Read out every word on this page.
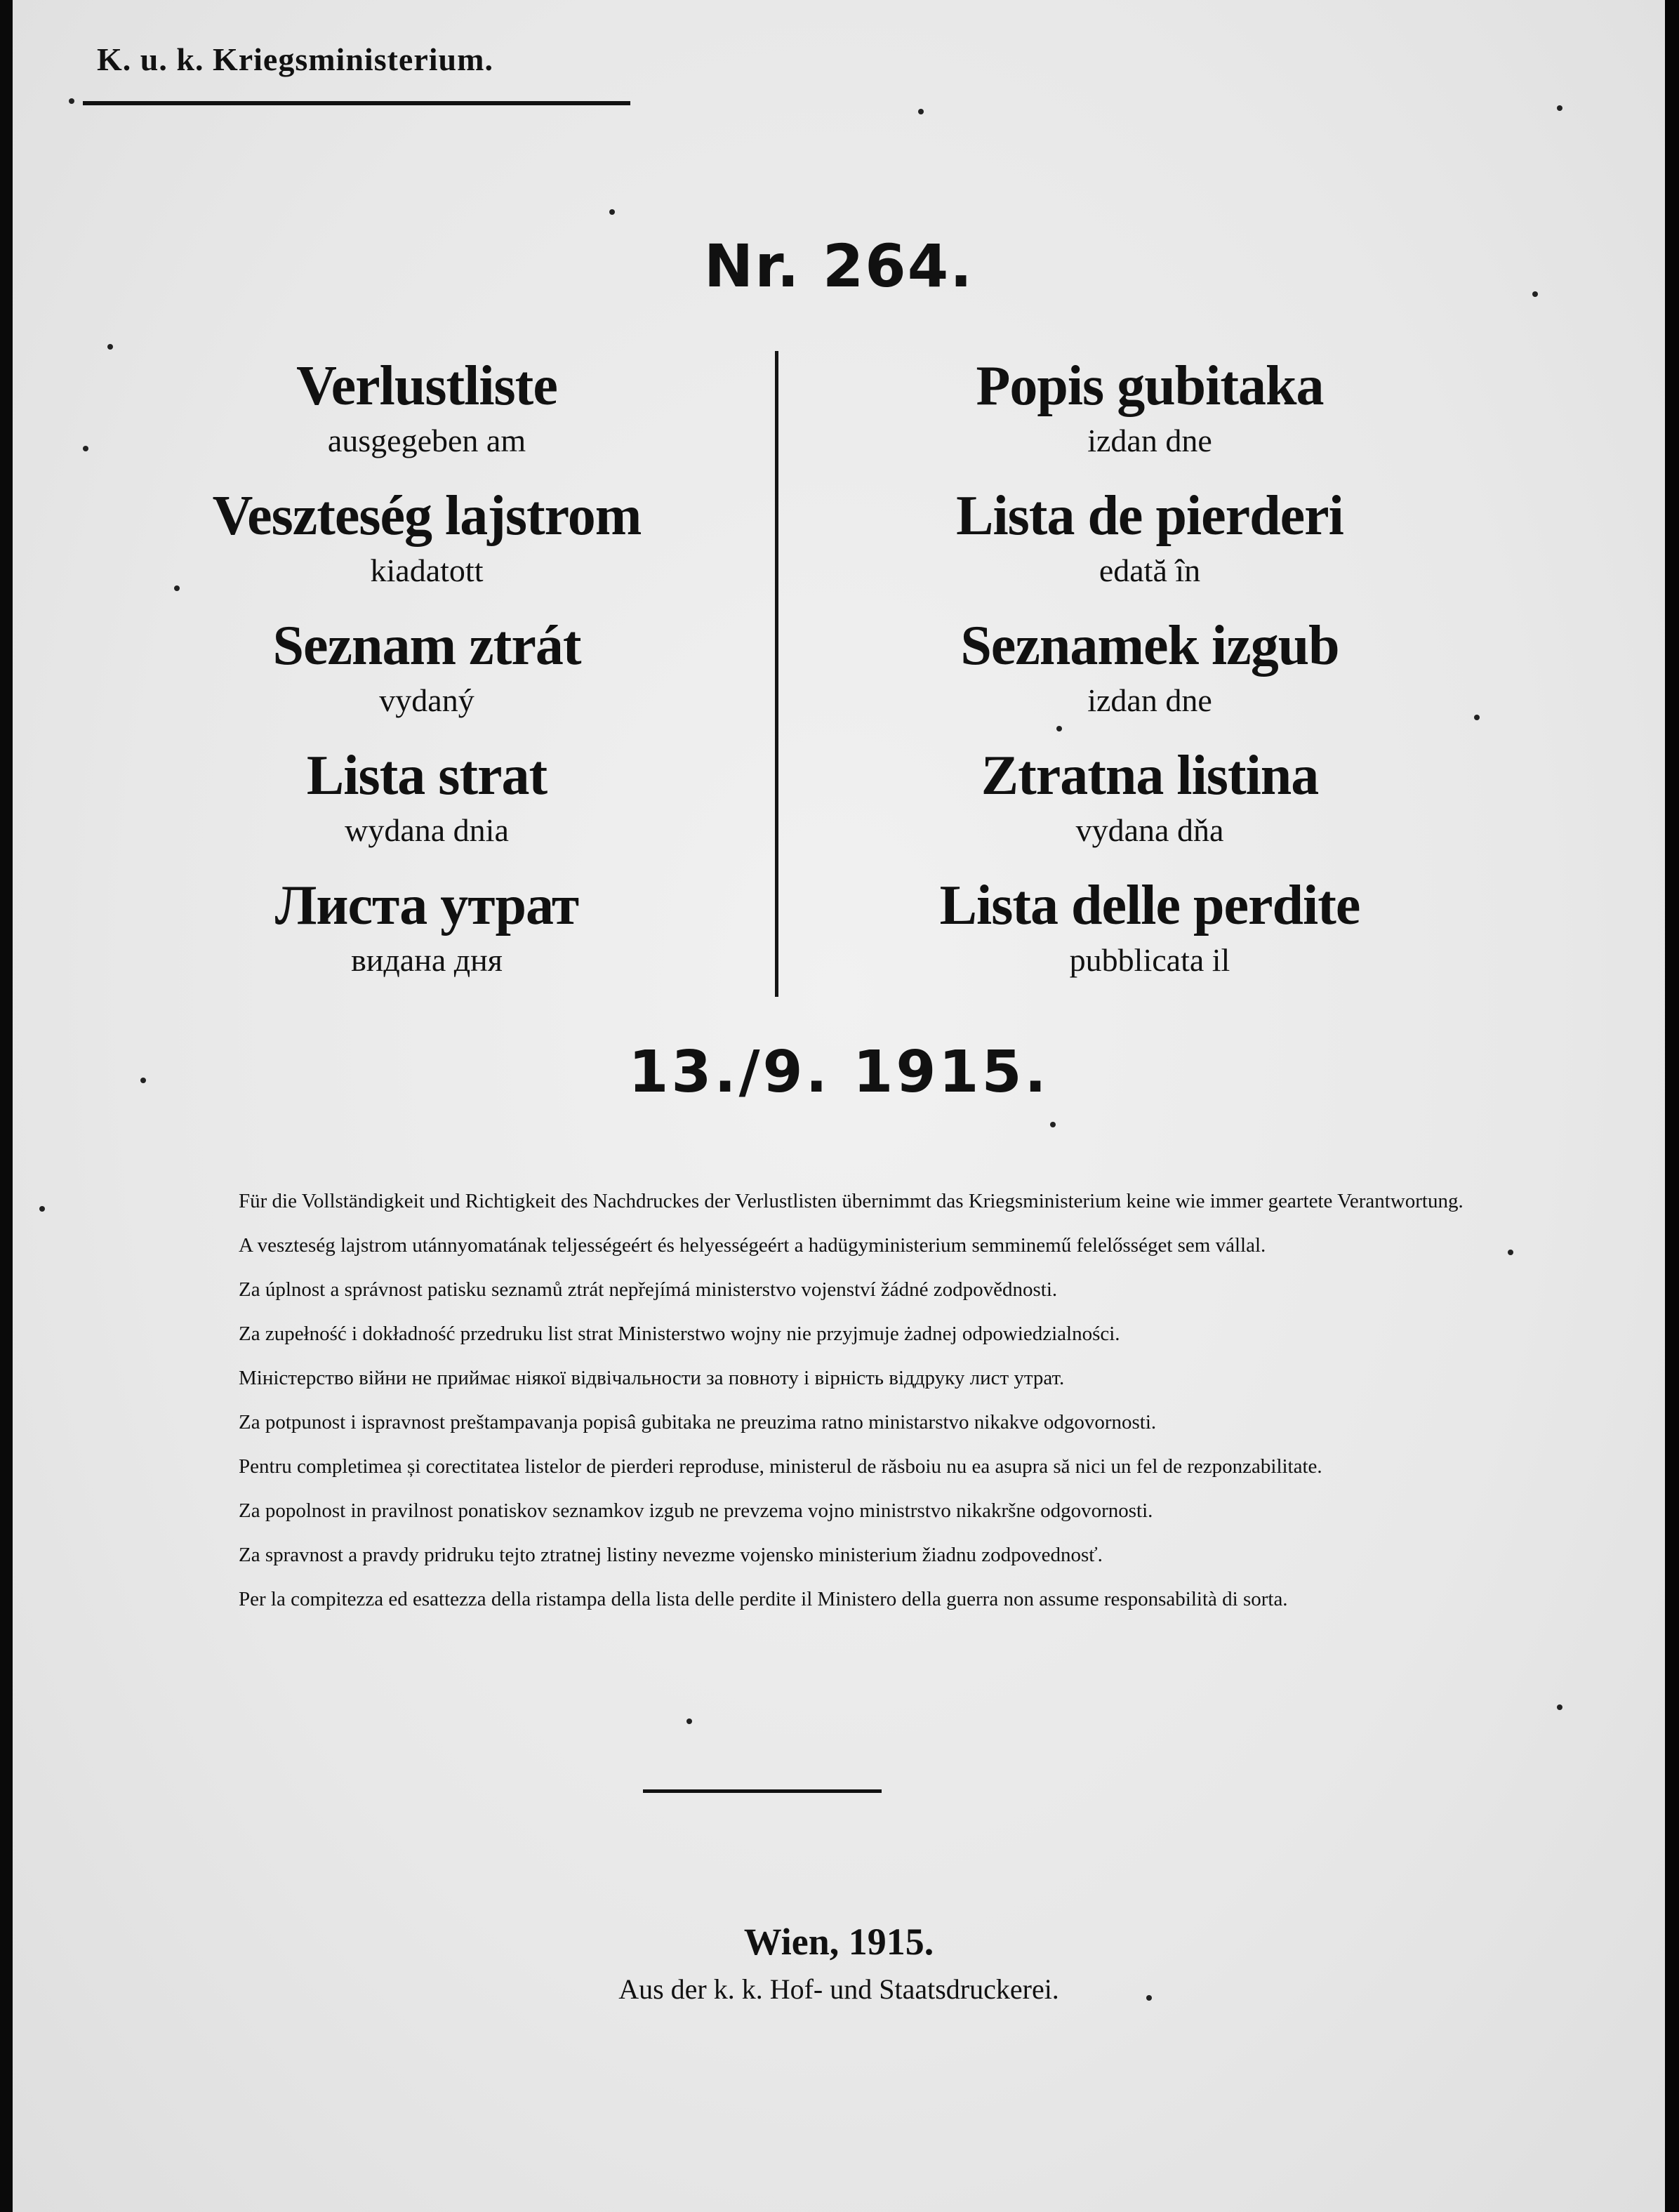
K. u. k. Kriegsministerium.
Nr. 264.
Verlustliste
ausgegeben am
Veszteség lajstrom
kiadatott
Seznam ztrát
vydaný
Lista strat
wydana dnia
Листа утрат
видана дня
Popis gubitaka
izdan dne
Lista de pierderi
edată în
Seznamek izgub
izdan dne
Ztratna listina
vydana dňa
Lista delle perdite
pubblicata il
13./9. 1915.

Für die Vollständigkeit und Richtigkeit des Nachdruckes der Verlustlisten übernimmt das Kriegsministerium keine wie immer geartete Verantwortung.

A veszteség lajstrom utánnyomatának teljességeért és helyességeért a hadügyministerium semminemű felelősséget sem vállal.

Za úplnost a správnost patisku seznamů ztrát nepřejímá ministerstvo vojenství žádné zodpovědnosti.

Za zupełność i dokładność przedruku list strat Ministerstwo wojny nie przyjmuje żadnej odpowiedzialności.

Міністерство війни не приймає ніякої відвічальности за повноту і вірність віддруку лист утрат.

Za potpunost i ispravnost preštampavanja popisâ gubitaka ne preuzima ratno ministarstvo nikakve odgovornosti.

Pentru completimea și corectitatea listelor de pierderi reproduse, ministerul de răsboiu nu ea asupra să nici un fel de rezponzabilitate.

Za popolnost in pravilnost ponatiskov seznamkov izgub ne prevzema vojno ministrstvo nikakršne odgovornosti.

Za spravnost a pravdy pridruku tejto ztratnej listiny nevezme vojensko ministerium žiadnu zodpovednosť.

Per la compitezza ed esattezza della ristampa della lista delle perdite il Ministero della guerra non assume responsabilità di sorta.

Wien, 1915.
Aus der k. k. Hof- und Staatsdruckerei.
